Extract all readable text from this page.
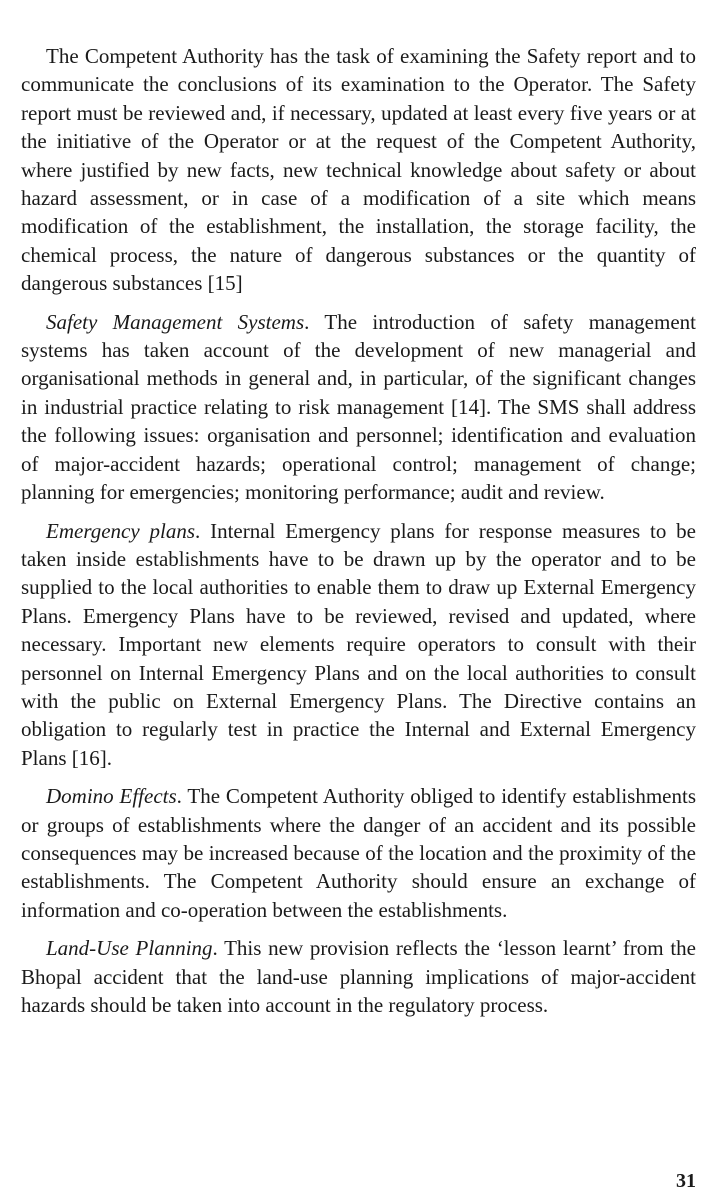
The Competent Authority has the task of examining the Safety report and to communicate the conclusions of its examination to the Operator. The Safety report must be reviewed and, if necessary, updated at least every five years or at the initiative of the Operator or at the request of the Competent Authority, where justified by new facts, new technical knowledge about safety or about hazard assessment, or in case of a modification of a site which means modification of the establishment, the installation, the storage facility, the chemical process, the nature of dangerous substances or the quantity of dangerous substances [15]

Safety Management Systems. The introduction of safety management systems has taken account of the development of new managerial and organisational methods in general and, in particular, of the significant changes in industrial practice relating to risk management [14]. The SMS shall address the following issues: organisation and personnel; identification and evaluation of major-accident hazards; operational control; management of change; planning for emergencies; monitoring performance; audit and review.

Emergency plans. Internal Emergency plans for response measures to be taken inside establishments have to be drawn up by the operator and to be supplied to the local authorities to enable them to draw up External Emergency Plans. Emergency Plans have to be reviewed, revised and updated, where necessary. Important new elements require operators to consult with their personnel on Internal Emergency Plans and on the local authorities to consult with the public on External Emergency Plans. The Directive contains an obligation to regularly test in practice the Internal and External Emergency Plans [16].

Domino Effects. The Competent Authority obliged to identify establishments or groups of establishments where the danger of an accident and its possible consequences may be increased because of the location and the proximity of the establishments. The Competent Authority should ensure an exchange of information and co-operation between the establishments.

Land-Use Planning. This new provision reflects the ‘lesson learnt’ from the Bhopal accident that the land-use planning implications of major-accident hazards should be taken into account in the regulatory process.

31
